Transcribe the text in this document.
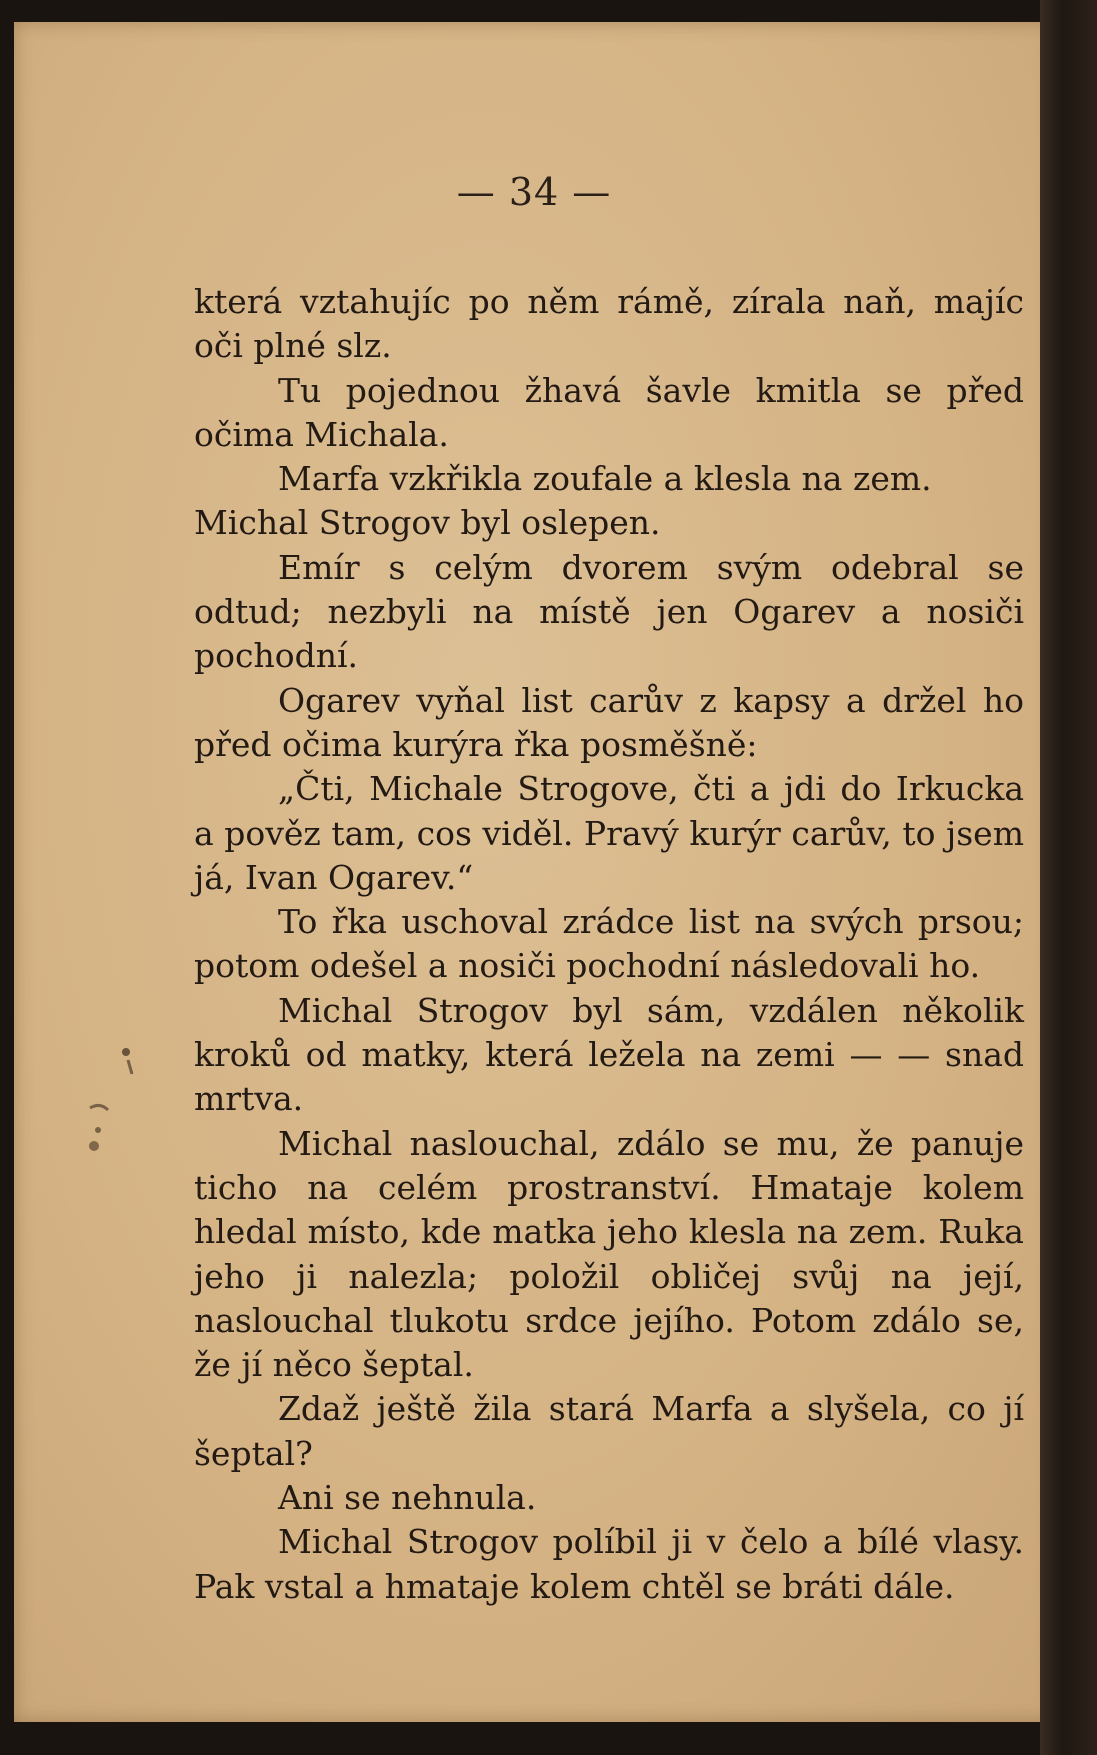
— 34 —

která vztahujíc po něm rámě, zírala naň, majíc oči plné slz.

Tu pojednou žhavá šavle kmitla se před očima Michala.

Marfa vzkřikla zoufale a klesla na zem.

Michal Strogov byl oslepen.

Emír s celým dvorem svým odebral se odtud; nezbyli na místě jen Ogarev a nosiči pochodní.

Ogarev vyňal list carův z kapsy a držel ho před očima kurýra řka posměšně:

„Čti, Michale Strogove, čti a jdi do Irkucka a pověz tam, cos viděl. Pravý kurýr carův, to jsem já, Ivan Ogarev.“

To řka uschoval zrádce list na svých prsou; potom odešel a nosiči pochodní následovali ho.

Michal Strogov byl sám, vzdálen několik kroků od matky, která ležela na zemi — — snad mrtva.

Michal naslouchal, zdálo se mu, že panuje ticho na celém prostranství. Hmataje kolem hledal místo, kde matka jeho klesla na zem. Ruka jeho ji nalezla; položil obličej svůj na její, naslouchal tlukotu srdce jejího. Potom zdálo se, že jí něco šeptal.

Zdaž ještě žila stará Marfa a slyšela, co jí šeptal?

Ani se nehnula.

Michal Strogov políbil ji v čelo a bílé vlasy. Pak vstal a hmataje kolem chtěl se bráti dále.
